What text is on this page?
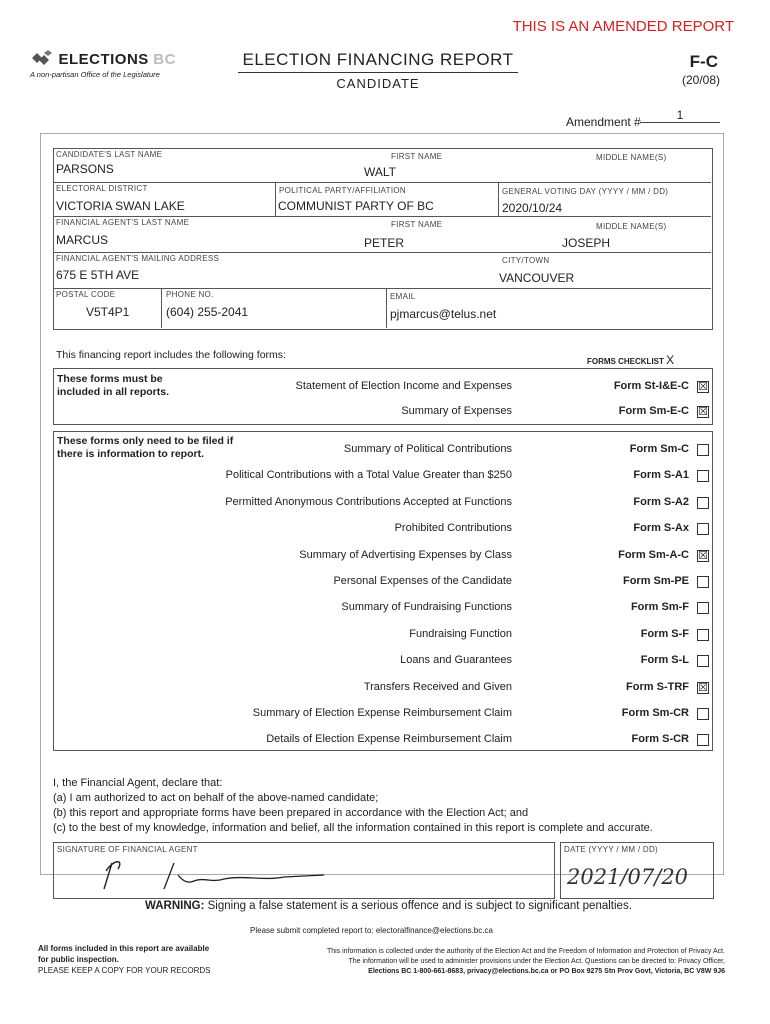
THIS IS AN AMENDED REPORT
ELECTIONS BC
A non-partisan Office of the Legislature
ELECTION FINANCING REPORT
CANDIDATE
F-C
(20/08)
Amendment #	1
CANDIDATE'S LAST NAME
PARSONS
FIRST NAME
WALT
MIDDLE NAME(S)
ELECTORAL DISTRICT
VICTORIA SWAN LAKE
POLITICAL PARTY/AFFILIATION
COMMUNIST PARTY OF BC
GENERAL VOTING DAY (YYYY / MM / DD)
2020/10/24
FINANCIAL AGENT'S LAST NAME
MARCUS
FIRST NAME
PETER
MIDDLE NAME(S)
JOSEPH
FINANCIAL AGENT'S MAILING ADDRESS
675 E 5TH AVE
CITY/TOWN
VANCOUVER
POSTAL CODE
V5T4P1
PHONE NO.
(604) 255-2041
EMAIL
pjmarcus@telus.net
This financing report includes the following forms:
FORMS CHECKLIST X
These forms must be included in all reports.	Statement of Election Income and Expenses	Form St-I&E-C ☒
Summary of Expenses	Form Sm-E-C ☒
These forms only need to be filed if there is information to report.	Summary of Political Contributions	Form Sm-C
Political Contributions with a Total Value Greater than $250	Form S-A1
Permitted Anonymous Contributions Accepted at Functions	Form S-A2
Prohibited Contributions	Form S-Ax
Summary of Advertising Expenses by Class	Form Sm-A-C ☒
Personal Expenses of the Candidate	Form Sm-PE
Summary of Fundraising Functions	Form Sm-F
Fundraising Function	Form S-F
Loans and Guarantees	Form S-L
Transfers Received and Given	Form S-TRF ☒
Summary of Election Expense Reimbursement Claim	Form Sm-CR
Details of Election Expense Reimbursement Claim	Form S-CR
I, the Financial Agent, declare that:
(a) I am authorized to act on behalf of the above-named candidate;
(b) this report and appropriate forms have been prepared in accordance with the Election Act; and
(c) to the best of my knowledge, information and belief, all the information contained in this report is complete and accurate.
SIGNATURE OF FINANCIAL AGENT	DATE (YYYY / MM / DD)
2021/07/20
WARNING: Signing a false statement is a serious offence and is subject to significant penalties.
Please submit completed report to: electoralfinance@elections.bc.ca
All forms included in this report are available
for public inspection.
PLEASE KEEP A COPY FOR YOUR RECORDS
This information is collected under the authority of the Election Act and the Freedom of Information and Protection of Privacy Act.
The information will be used to administer provisions under the Election Act. Questions can be directed to: Privacy Officer,
Elections BC 1-800-661-8683, privacy@elections.bc.ca or PO Box 9275 Stn Prov Govt, Victoria, BC V8W 9J6
